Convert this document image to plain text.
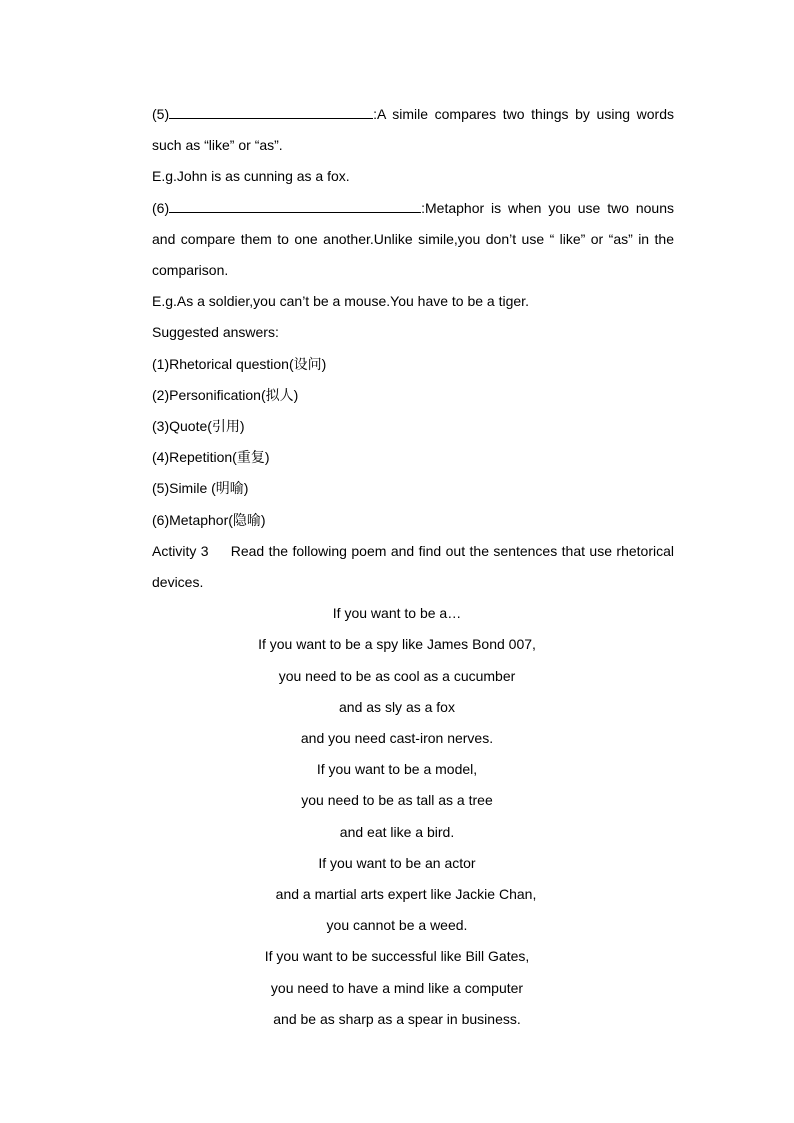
(5)	:A simile compares two things by using words such as “like” or “as”.

E.g.John is as cunning as a fox.

(6)	:Metaphor is when you use two nouns and compare them to one another.Unlike simile,you don’t use “ like” or “as” in the comparison.

E.g.As a soldier,you can’t be a mouse.You have to be a tiger.

Suggested answers:

(1)Rhetorical question(设问)

(2)Personification(拟人)

(3)Quote(引用)

(4)Repetition(重复)

(5)Simile (明喻)

(6)Metaphor(隐喻)

Activity 3 Read the following poem and find out the sentences that use rhetorical devices.

If you want to be a…

If you want to be a spy like James Bond 007,

you need to be as cool as a cucumber

and as sly as a fox

and you need cast-iron nerves.

If you want to be a model,

you need to be as tall as a tree

and eat like a bird.

If you want to be an actor

and a martial arts expert like Jackie Chan,

you cannot be a weed.

If you want to be successful like Bill Gates,

you need to have a mind like a computer

and be as sharp as a spear in business.
